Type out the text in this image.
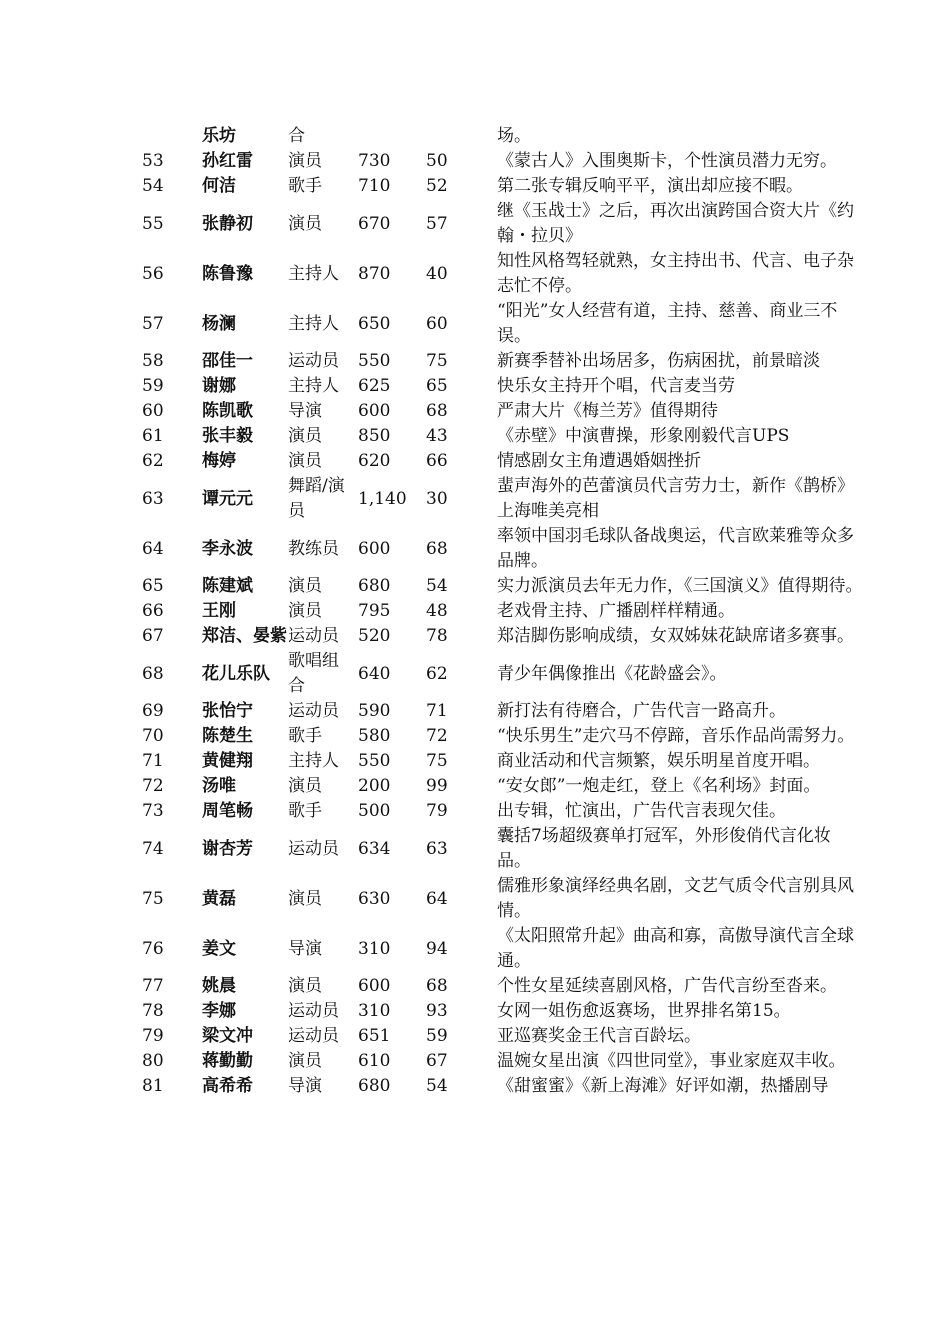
	乐坊	合			场。
53	孙红雷	演员	730	50	《蒙古人》入围奥斯卡，个性演员潜力无穷。
54	何洁	歌手	710	52	第二张专辑反响平平，演出却应接不暇。
55	张静初	演员	670	57	继《玉战士》之后，再次出演跨国合资大片《约翰・拉贝》
56	陈鲁豫	主持人	870	40	知性风格驾轻就熟，女主持出书、代言、电子杂志忙不停。
57	杨澜	主持人	650	60	“阳光”女人经营有道，主持、慈善、商业三不误。
58	邵佳一	运动员	550	75	新赛季替补出场居多，伤病困扰，前景暗淡
59	谢娜	主持人	625	65	快乐女主持开个唱，代言麦当劳
60	陈凯歌	导演	600	68	严肃大片《梅兰芳》值得期待
61	张丰毅	演员	850	43	《赤壁》中演曹操，形象刚毅代言UPS
62	梅婷	演员	620	66	情感剧女主角遭遇婚姻挫折
63	谭元元	舞蹈/演员	1,140	30	蜚声海外的芭蕾演员代言劳力士，新作《鹊桥》上海唯美亮相
64	李永波	教练员	600	68	率领中国羽毛球队备战奥运，代言欧莱雅等众多品牌。
65	陈建斌	演员	680	54	实力派演员去年无力作，《三国演义》值得期待。
66	王刚	演员	795	48	老戏骨主持、广播剧样样精通。
67	郑洁、晏紫	运动员	520	78	郑洁脚伤影响成绩，女双姊妹花缺席诸多赛事。
68	花儿乐队	歌唱组合	640	62	青少年偶像推出《花龄盛会》。
69	张怡宁	运动员	590	71	新打法有待磨合，广告代言一路高升。
70	陈楚生	歌手	580	72	“快乐男生”走穴马不停蹄，音乐作品尚需努力。
71	黄健翔	主持人	550	75	商业活动和代言频繁，娱乐明星首度开唱。
72	汤唯	演员	200	99	“安女郎”一炮走红，登上《名利场》封面。
73	周笔畅	歌手	500	79	出专辑，忙演出，广告代言表现欠佳。
74	谢杏芳	运动员	634	63	囊括7场超级赛单打冠军，外形俊俏代言化妆品。
75	黄磊	演员	630	64	儒雅形象演绎经典名剧，文艺气质令代言别具风情。
76	姜文	导演	310	94	《太阳照常升起》曲高和寡，高傲导演代言全球通。
77	姚晨	演员	600	68	个性女星延续喜剧风格，广告代言纷至沓来。
78	李娜	运动员	310	93	女网一姐伤愈返赛场，世界排名第15。
79	梁文冲	运动员	651	59	亚巡赛奖金王代言百龄坛。
80	蒋勤勤	演员	610	67	温婉女星出演《四世同堂》，事业家庭双丰收。
81	高希希	导演	680	54	《甜蜜蜜》《新上海滩》好评如潮，热播剧导
